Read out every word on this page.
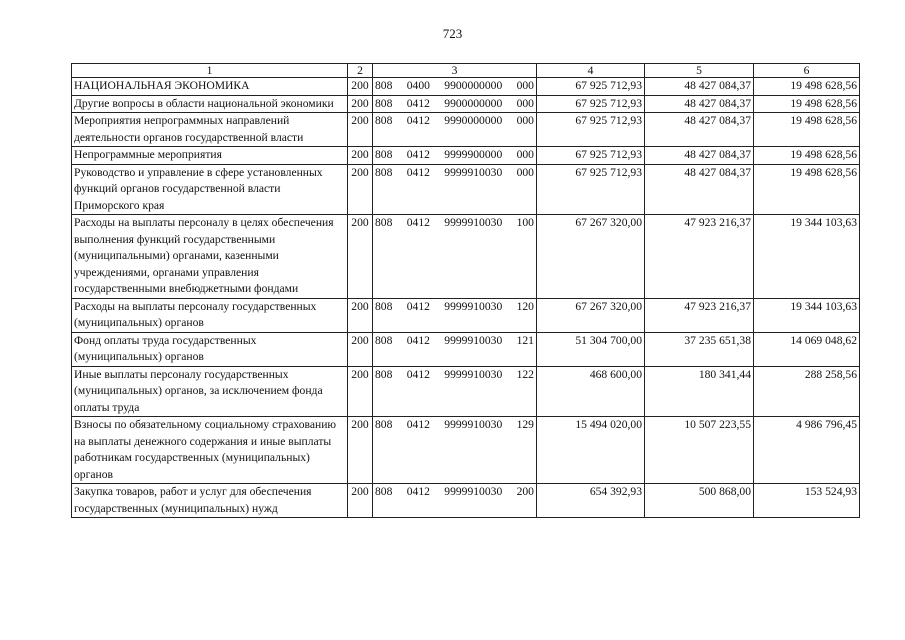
723
1	2	3	4	5	6
НАЦИОНАЛЬНАЯ ЭКОНОМИКА	200	808 0400 9900000000 000	67 925 712,93	48 427 084,37	19 498 628,56
Другие вопросы в области национальной экономики	200	808 0412 9900000000 000	67 925 712,93	48 427 084,37	19 498 628,56
Мероприятия непрограммных направлений деятельности органов государственной власти	200	808 0412 9990000000 000	67 925 712,93	48 427 084,37	19 498 628,56
Непрограммные мероприятия	200	808 0412 9999900000 000	67 925 712,93	48 427 084,37	19 498 628,56
Руководство и управление в сфере установленных функций органов государственной власти Приморского края	200	808 0412 9999910030 000	67 925 712,93	48 427 084,37	19 498 628,56
Расходы на выплаты персоналу в целях обеспечения выполнения функций государственными (муниципальными) органами, казенными учреждениями, органами управления государственными внебюджетными фондами	200	808 0412 9999910030 100	67 267 320,00	47 923 216,37	19 344 103,63
Расходы на выплаты персоналу государственных (муниципальных) органов	200	808 0412 9999910030 120	67 267 320,00	47 923 216,37	19 344 103,63
Фонд оплаты труда государственных (муниципальных) органов	200	808 0412 9999910030 121	51 304 700,00	37 235 651,38	14 069 048,62
Иные выплаты персоналу государственных (муниципальных) органов, за исключением фонда оплаты труда	200	808 0412 9999910030 122	468 600,00	180 341,44	288 258,56
Взносы по обязательному социальному страхованию на выплаты денежного содержания и иные выплаты работникам государственных (муниципальных) органов	200	808 0412 9999910030 129	15 494 020,00	10 507 223,55	4 986 796,45
Закупка товаров, работ и услуг для обеспечения государственных (муниципальных) нужд	200	808 0412 9999910030 200	654 392,93	500 868,00	153 524,93
